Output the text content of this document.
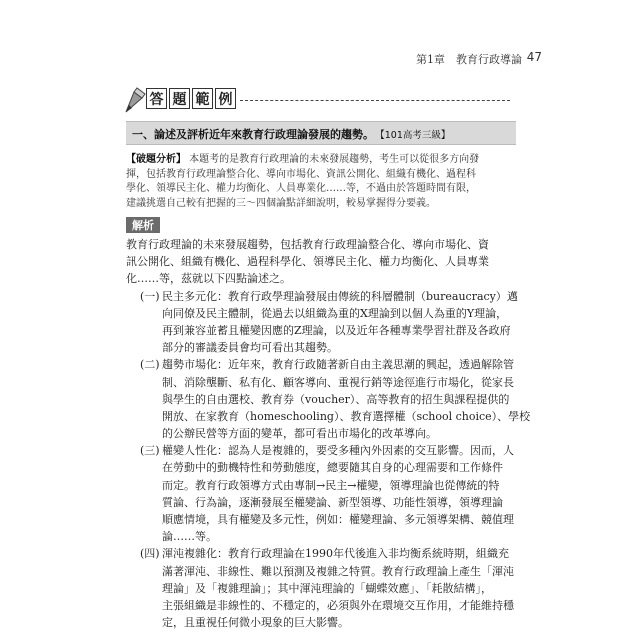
第1章　教育行政導論 47
答 題 範 例
一、論述及評析近年來教育行政理論發展的趨勢。 【101高考三級】
【破題分析】 本題考的是教育行政理論的未來發展趨勢，考生可以從很多方向發
揮，包括教育行政理論整合化、導向市場化、資訊公開化、組織有機化、過程科
學化、領導民主化、權力均衡化、人員專業化……等，不過由於答題時間有限，
建議挑選自己較有把握的三～四個論點詳細說明，較易掌握得分要義。
解析
教育行政理論的未來發展趨勢，包括教育行政理論整合化、導向市場化、資
訊公開化、組織有機化、過程科學化、領導民主化、權力均衡化、人員專業
化……等，茲就以下四點論述之。
(一) 民主多元化：教育行政學理論發展由傳統的科層體制（bureaucracy）邁
向同僚及民主體制，從過去以組織為重的X理論到以個人為重的Y理論，
再到兼容並蓄且權變因應的Z理論，以及近年各種專業學習社群及各政府
部分的審議委員會均可看出其趨勢。
(二) 趨勢市場化：近年來，教育行政隨著新自由主義思潮的興起，透過解除管
制、消除壟斷、私有化、顧客導向、重視行銷等途徑進行市場化，從家長
與學生的自由選校、教育券（voucher）、高等教育的招生與課程提供的
開放、在家教育（homeschooling）、教育選擇權（school choice）、學校
的公辦民營等方面的變革，都可看出市場化的改革導向。
(三) 權變人性化：認為人是複雜的，要受多種內外因素的交互影響。因而，人
在勞動中的動機特性和勞動態度，總要隨其自身的心理需要和工作條件
而定。教育行政領導方式由專制→民主→權變，領導理論也從傳統的特
質論、行為論，逐漸發展至權變論、新型領導、功能性領導，領導理論
順應情境，具有權變及多元性，例如：權變理論、多元領導架構、競值理
論……等。
(四) 渾沌複雜化：教育行政理論在1990年代後進入非均衡系統時期，組織充
滿著渾沌、非線性、難以預測及複雜之特質。教育行政理論上產生「渾沌
理論」及「複雜理論」；其中渾沌理論的「蝴蝶效應」、「耗散結構」，
主張組織是非線性的、不穩定的，必須與外在環境交互作用，才能維持穩
定，且重視任何微小現象的巨大影響。
